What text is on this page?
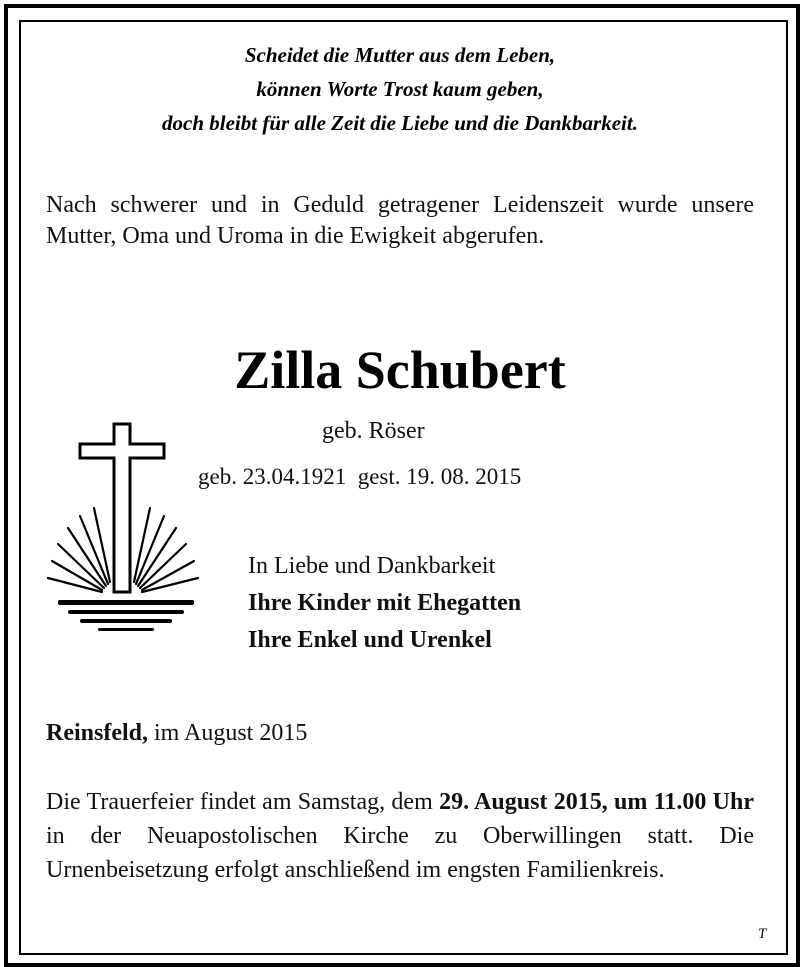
Scheidet die Mutter aus dem Leben,
können Worte Trost kaum geben,
doch bleibt für alle Zeit die Liebe und die Dankbarkeit.
Nach schwerer und in Geduld getragener Leidenszeit wurde unsere Mutter, Oma und Uroma in die Ewigkeit abgerufen.
Zilla Schubert
geb. Röser
geb. 23.04.1921 gest. 19. 08. 2015
In Liebe und Dankbarkeit
Ihre Kinder mit Ehegatten
Ihre Enkel und Urenkel
Reinsfeld, im August 2015
Die Trauerfeier findet am Samstag, dem 29. August 2015, um 11.00 Uhr in der Neuapostolischen Kirche zu Oberwillingen statt. Die Urnenbeisetzung erfolgt anschließend im engsten Familienkreis.
T
